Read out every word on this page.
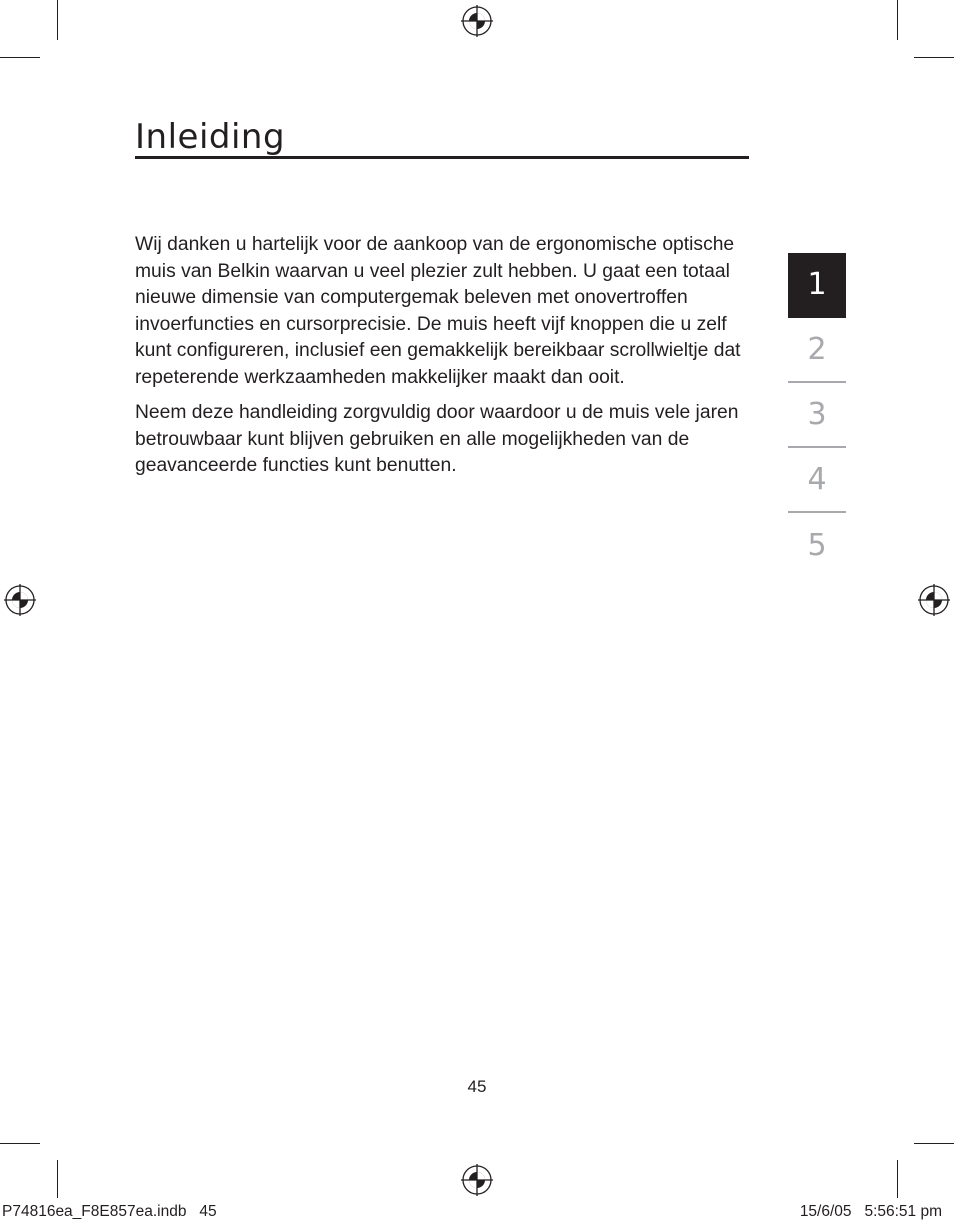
Inleiding

Wij danken u hartelijk voor de aankoop van de ergonomische optische muis van Belkin waarvan u veel plezier zult hebben. U gaat een totaal nieuwe dimensie van computergemak beleven met onovertroffen invoerfuncties en cursorprecisie. De muis heeft vijf knoppen die u zelf kunt configureren, inclusief een gemakkelijk bereikbaar scrollwieltje dat repeterende werkzaamheden makkelijker maakt dan ooit.

Neem deze handleiding zorgvuldig door waardoor u de muis vele jaren betrouwbaar kunt blijven gebruiken en alle mogelijkheden van de geavanceerde functies kunt benutten.

1
2
3
4
5
45
P74816ea_F8E857ea.indb   45	15/6/05   5:56:51 pm
